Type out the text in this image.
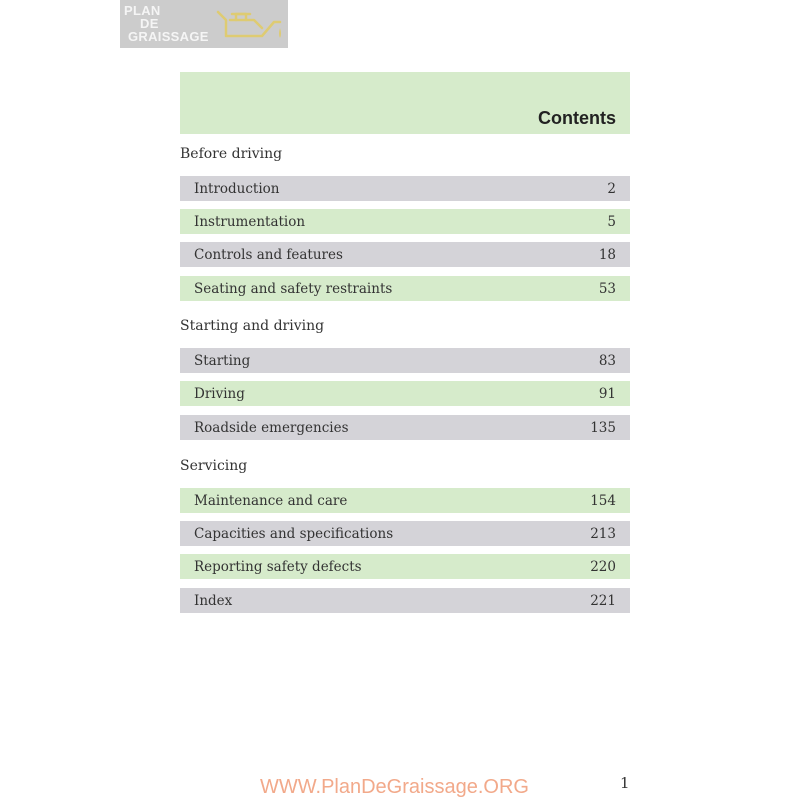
PLAN
DE
GRAISSAGE
Contents
Before driving
Introduction	2
Instrumentation	5
Controls and features	18
Seating and safety restraints	53
Starting and driving
Starting	83
Driving	91
Roadside emergencies	135
Servicing
Maintenance and care	154
Capacities and specifications	213
Reporting safety defects	220
Index	221
WWW.PlanDeGraissage.ORG	1
